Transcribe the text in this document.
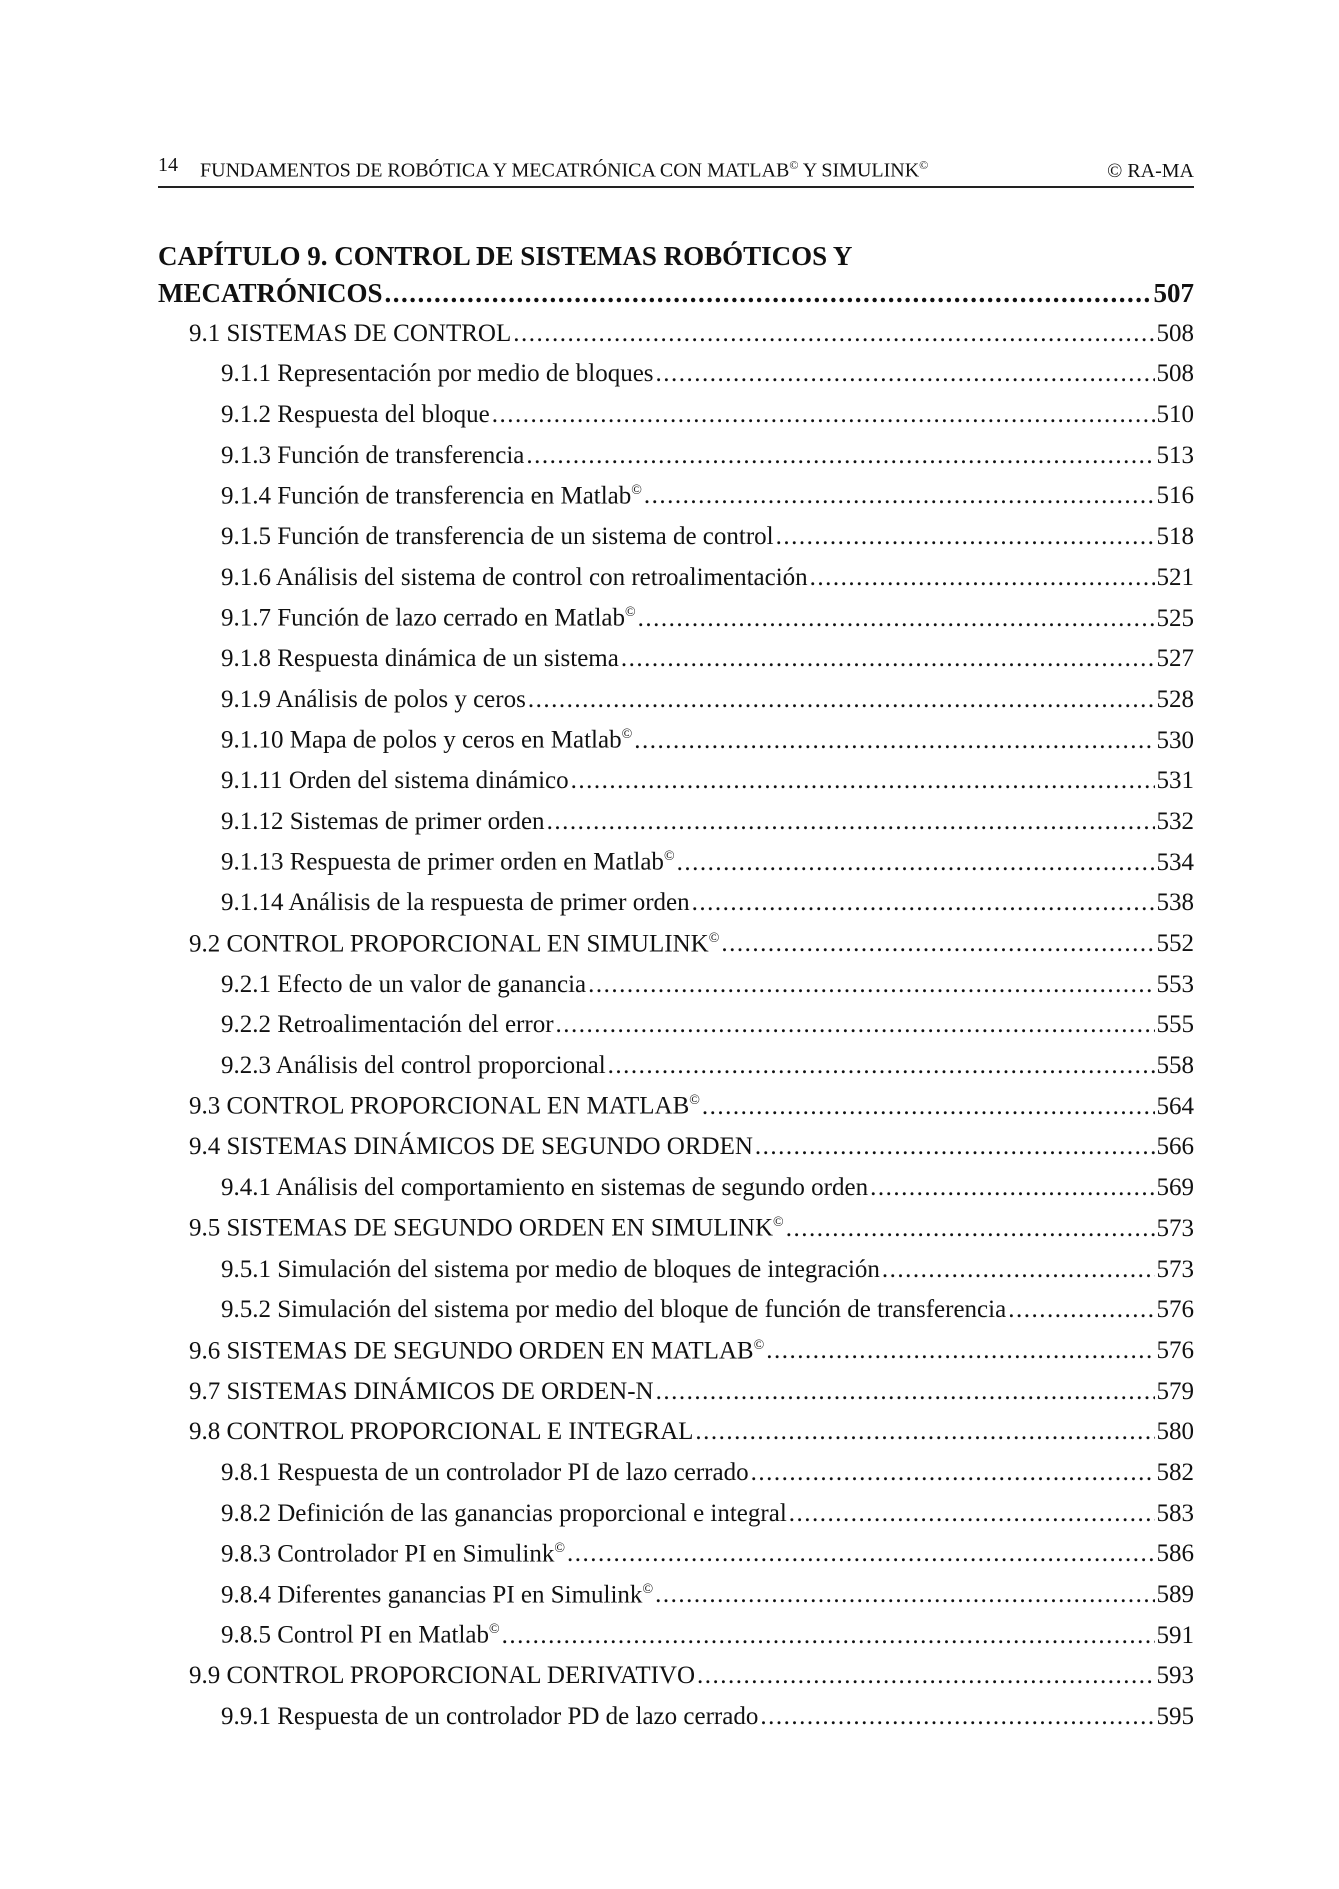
14 FUNDAMENTOS DE ROBÓTICA Y MECATRÓNICA CON MATLAB© Y SIMULINK©	© RA-MA
CAPÍTULO 9. CONTROL DE SISTEMAS ROBÓTICOS Y
MECATRÓNICOS .....	507
9.1 SISTEMAS DE CONTROL .....	508
9.1.1 Representación por medio de bloques .....	508
9.1.2 Respuesta del bloque .....	510
9.1.3 Función de transferencia .....	513
9.1.4 Función de transferencia en Matlab© .....	516
9.1.5 Función de transferencia de un sistema de control .....	518
9.1.6 Análisis del sistema de control con retroalimentación .....	521
9.1.7 Función de lazo cerrado en Matlab© .....	525
9.1.8 Respuesta dinámica de un sistema .....	527
9.1.9 Análisis de polos y ceros .....	528
9.1.10 Mapa de polos y ceros en Matlab© .....	530
9.1.11 Orden del sistema dinámico .....	531
9.1.12 Sistemas de primer orden .....	532
9.1.13 Respuesta de primer orden en Matlab© .....	534
9.1.14 Análisis de la respuesta de primer orden .....	538
9.2 CONTROL PROPORCIONAL EN SIMULINK© .....	552
9.2.1 Efecto de un valor de ganancia .....	553
9.2.2 Retroalimentación del error .....	555
9.2.3 Análisis del control proporcional .....	558
9.3 CONTROL PROPORCIONAL EN MATLAB© .....	564
9.4 SISTEMAS DINÁMICOS DE SEGUNDO ORDEN .....	566
9.4.1 Análisis del comportamiento en sistemas de segundo orden .....	569
9.5 SISTEMAS DE SEGUNDO ORDEN EN SIMULINK© .....	573
9.5.1 Simulación del sistema por medio de bloques de integración .....	573
9.5.2 Simulación del sistema por medio del bloque de función de transferencia .....	576
9.6 SISTEMAS DE SEGUNDO ORDEN EN MATLAB© .....	576
9.7 SISTEMAS DINÁMICOS DE ORDEN-N .....	579
9.8 CONTROL PROPORCIONAL E INTEGRAL .....	580
9.8.1 Respuesta de un controlador PI de lazo cerrado .....	582
9.8.2 Definición de las ganancias proporcional e integral .....	583
9.8.3 Controlador PI en Simulink© .....	586
9.8.4 Diferentes ganancias PI en Simulink© .....	589
9.8.5 Control PI en Matlab© .....	591
9.9 CONTROL PROPORCIONAL DERIVATIVO .....	593
9.9.1 Respuesta de un controlador PD de lazo cerrado .....	595
